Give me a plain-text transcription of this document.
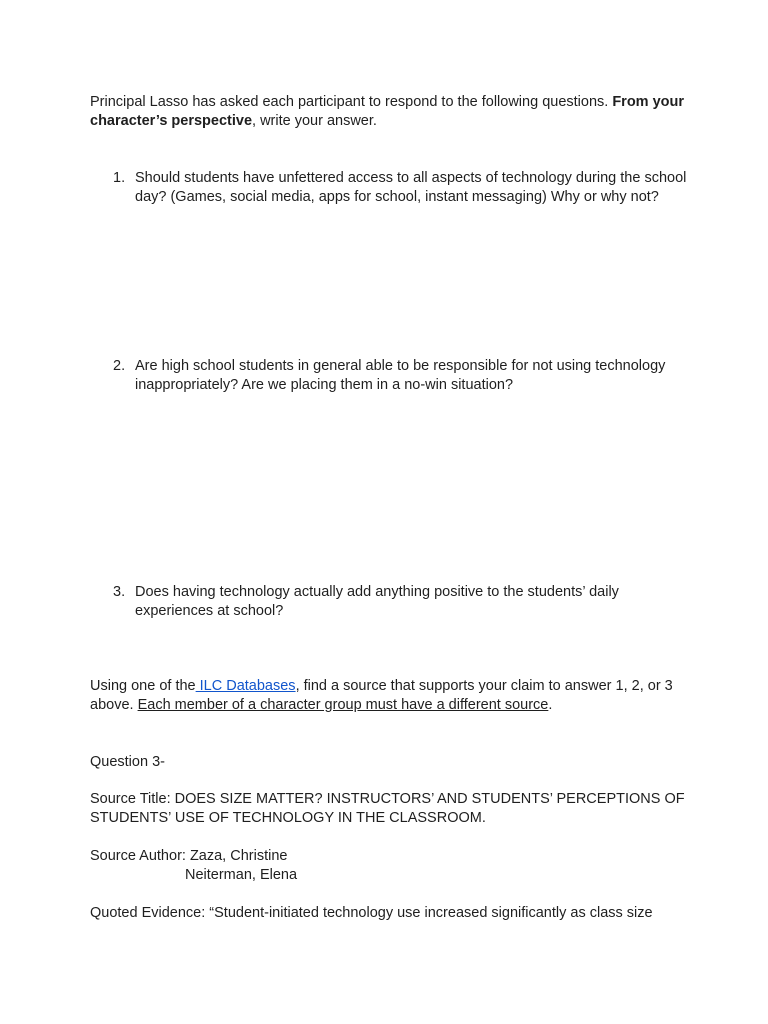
Principal Lasso has asked each participant to respond to the following questions. From your character’s perspective, write your answer.

1. Should students have unfettered access to all aspects of technology during the school day? (Games, social media, apps for school, instant messaging) Why or why not?
2. Are high school students in general able to be responsible for not using technology inappropriately? Are we placing them in a no-win situation?
3. Does having technology actually add anything positive to the students’ daily experiences at school?

Using one of the ILC Databases, find a source that supports your claim to answer 1, 2, or 3 above. Each member of a character group must have a different source.

Question 3-

Source Title: DOES SIZE MATTER? INSTRUCTORS’ AND STUDENTS’ PERCEPTIONS OF STUDENTS’ USE OF TECHNOLOGY IN THE CLASSROOM.

Source Author: Zaza, Christine
Neiterman, Elena

Quoted Evidence: “Student-initiated technology use increased significantly as class size
